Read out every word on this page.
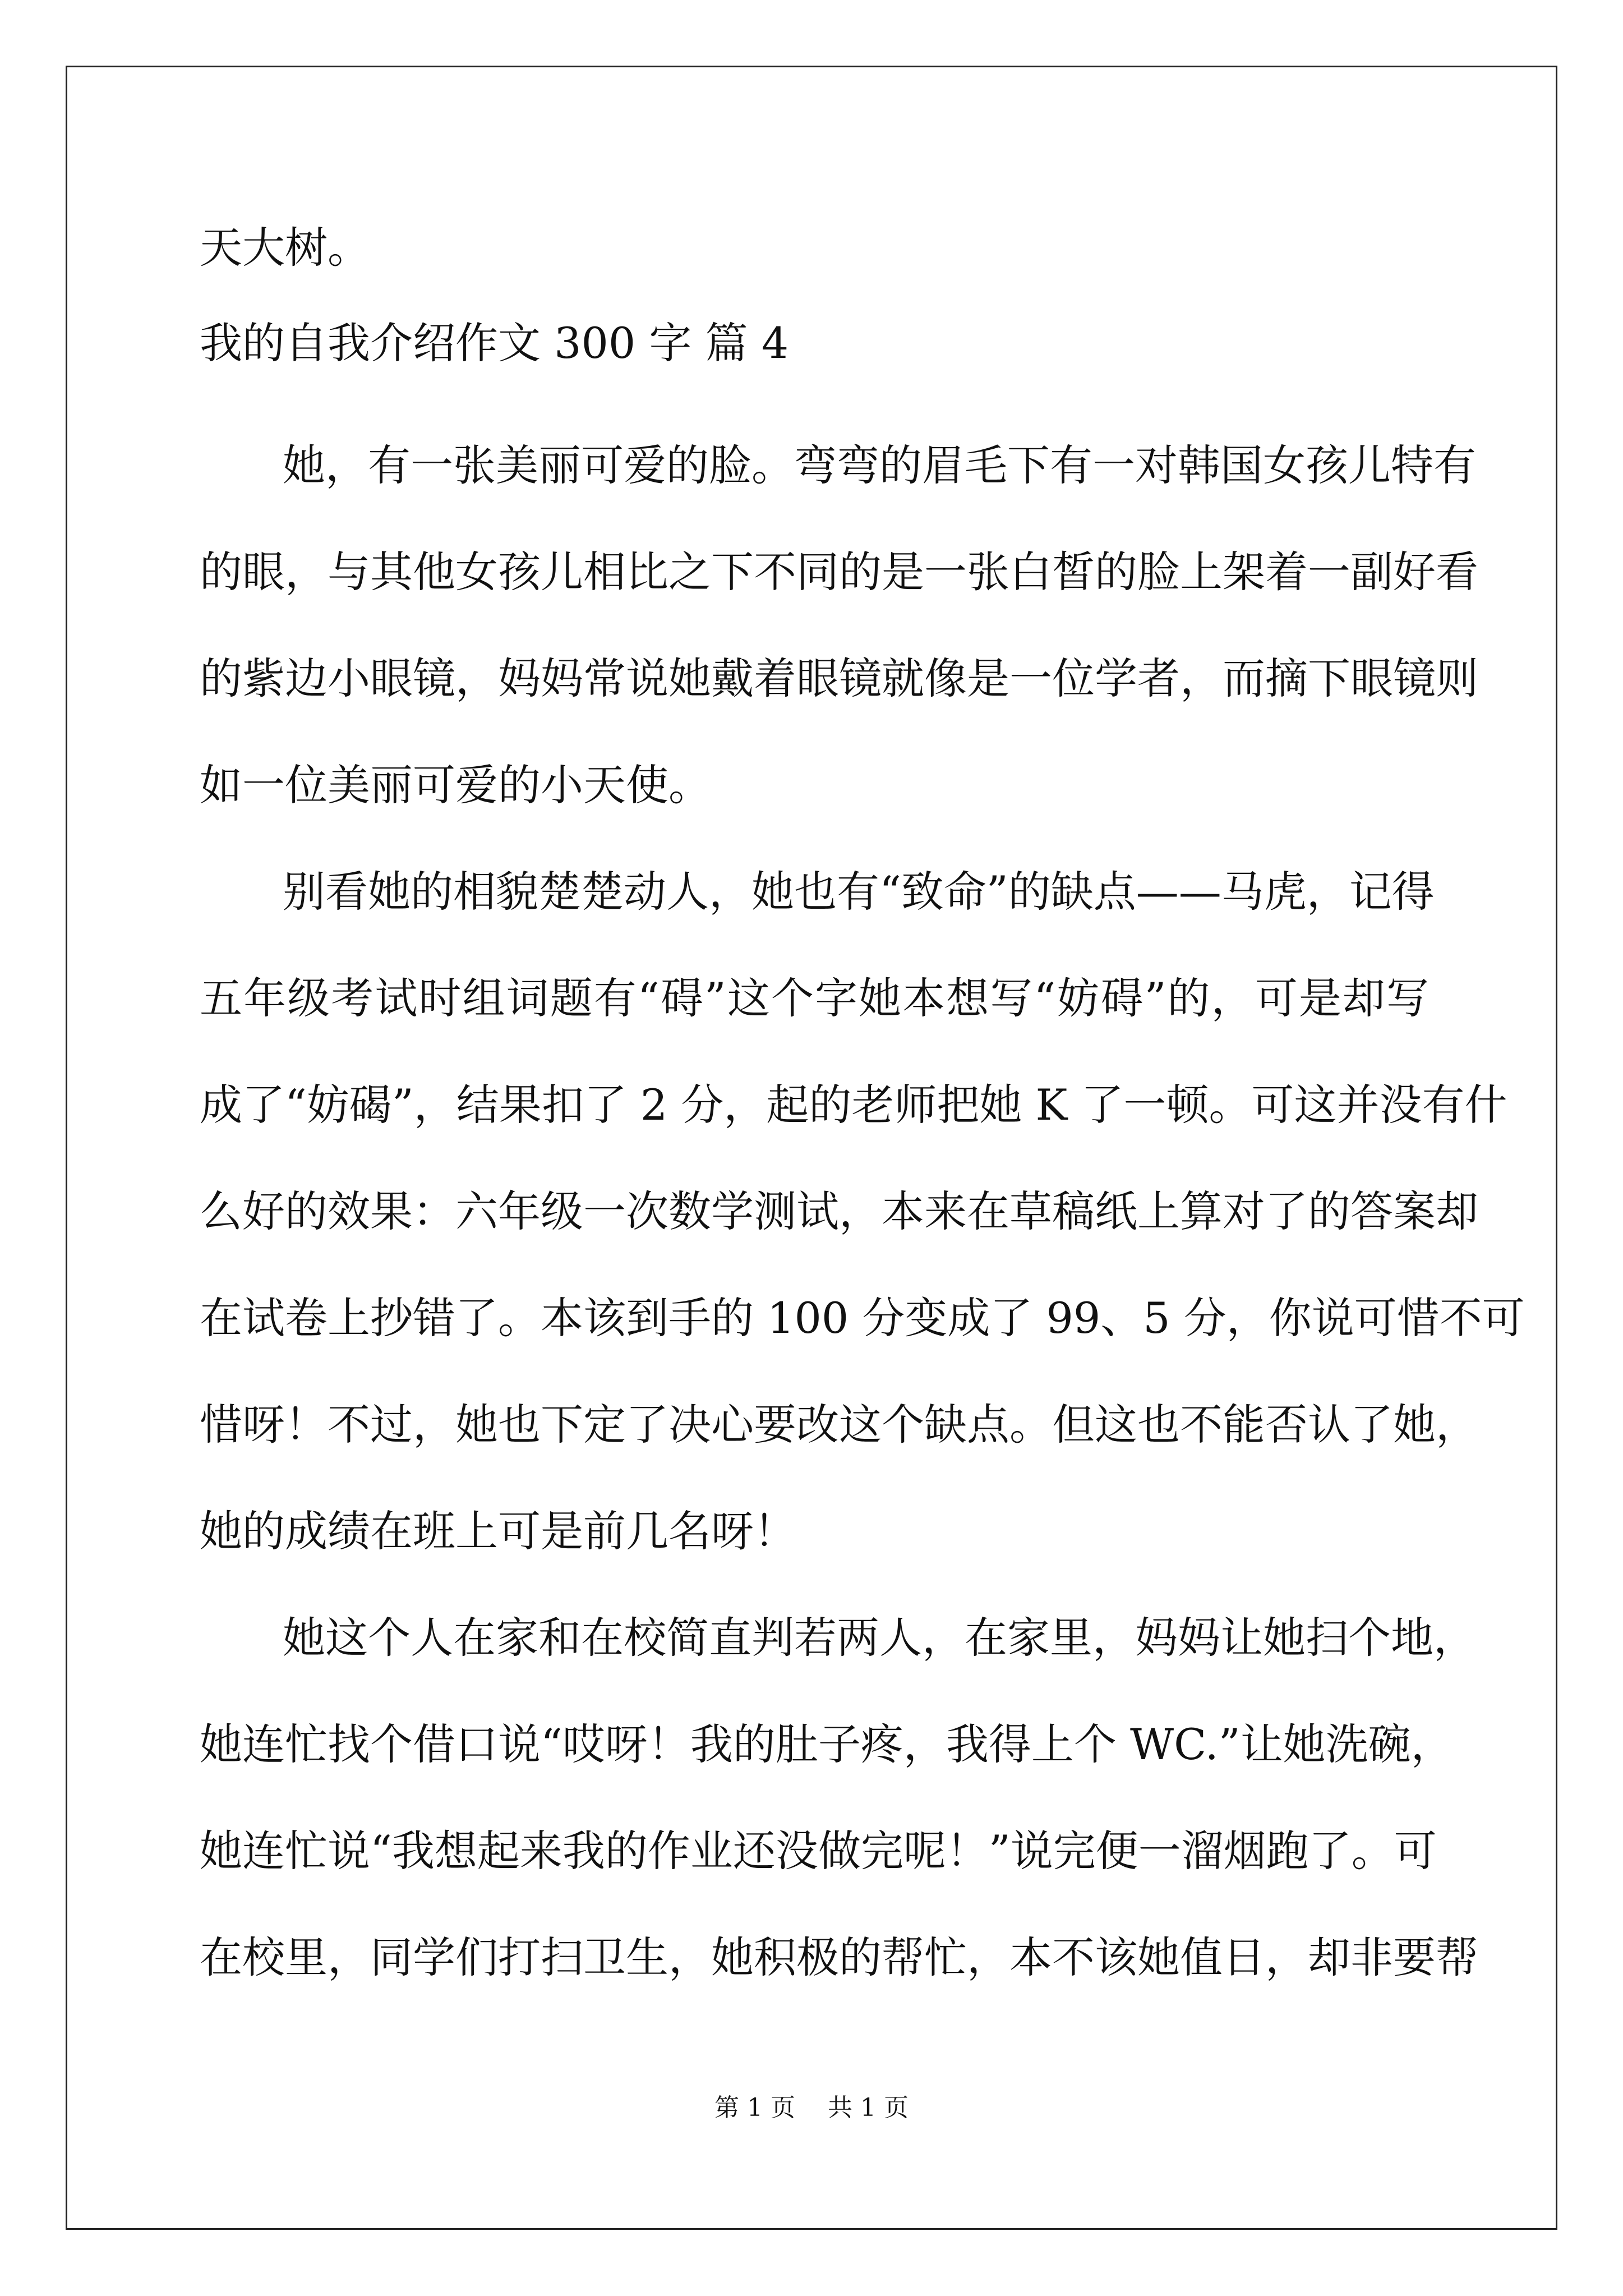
天大树。
我的自我介绍作文 300 字 篇 4
她，有一张美丽可爱的脸。弯弯的眉毛下有一对韩国女孩儿特有
的眼，与其他女孩儿相比之下不同的是一张白皙的脸上架着一副好看
的紫边小眼镜，妈妈常说她戴着眼镜就像是一位学者，而摘下眼镜则
如一位美丽可爱的小天使。
别看她的相貌楚楚动人，她也有“致命”的缺点——马虎，记得
五年级考试时组词题有“碍”这个字她本想写“妨碍”的，可是却写
成了“妨碣”，结果扣了 2 分，起的老师把她 K 了一顿。可这并没有什
么好的效果：六年级一次数学测试，本来在草稿纸上算对了的答案却
在试卷上抄错了。本该到手的 100 分变成了 99、5 分，你说可惜不可
惜呀！不过，她也下定了决心要改这个缺点。但这也不能否认了她，
她的成绩在班上可是前几名呀！
她这个人在家和在校简直判若两人，在家里，妈妈让她扫个地，
她连忙找个借口说“哎呀！我的肚子疼，我得上个 WC.”让她洗碗，
她连忙说“我想起来我的作业还没做完呢！”说完便一溜烟跑了。可
在校里，同学们打扫卫生，她积极的帮忙，本不该她值日，却非要帮
第 1 页 共 1 页
